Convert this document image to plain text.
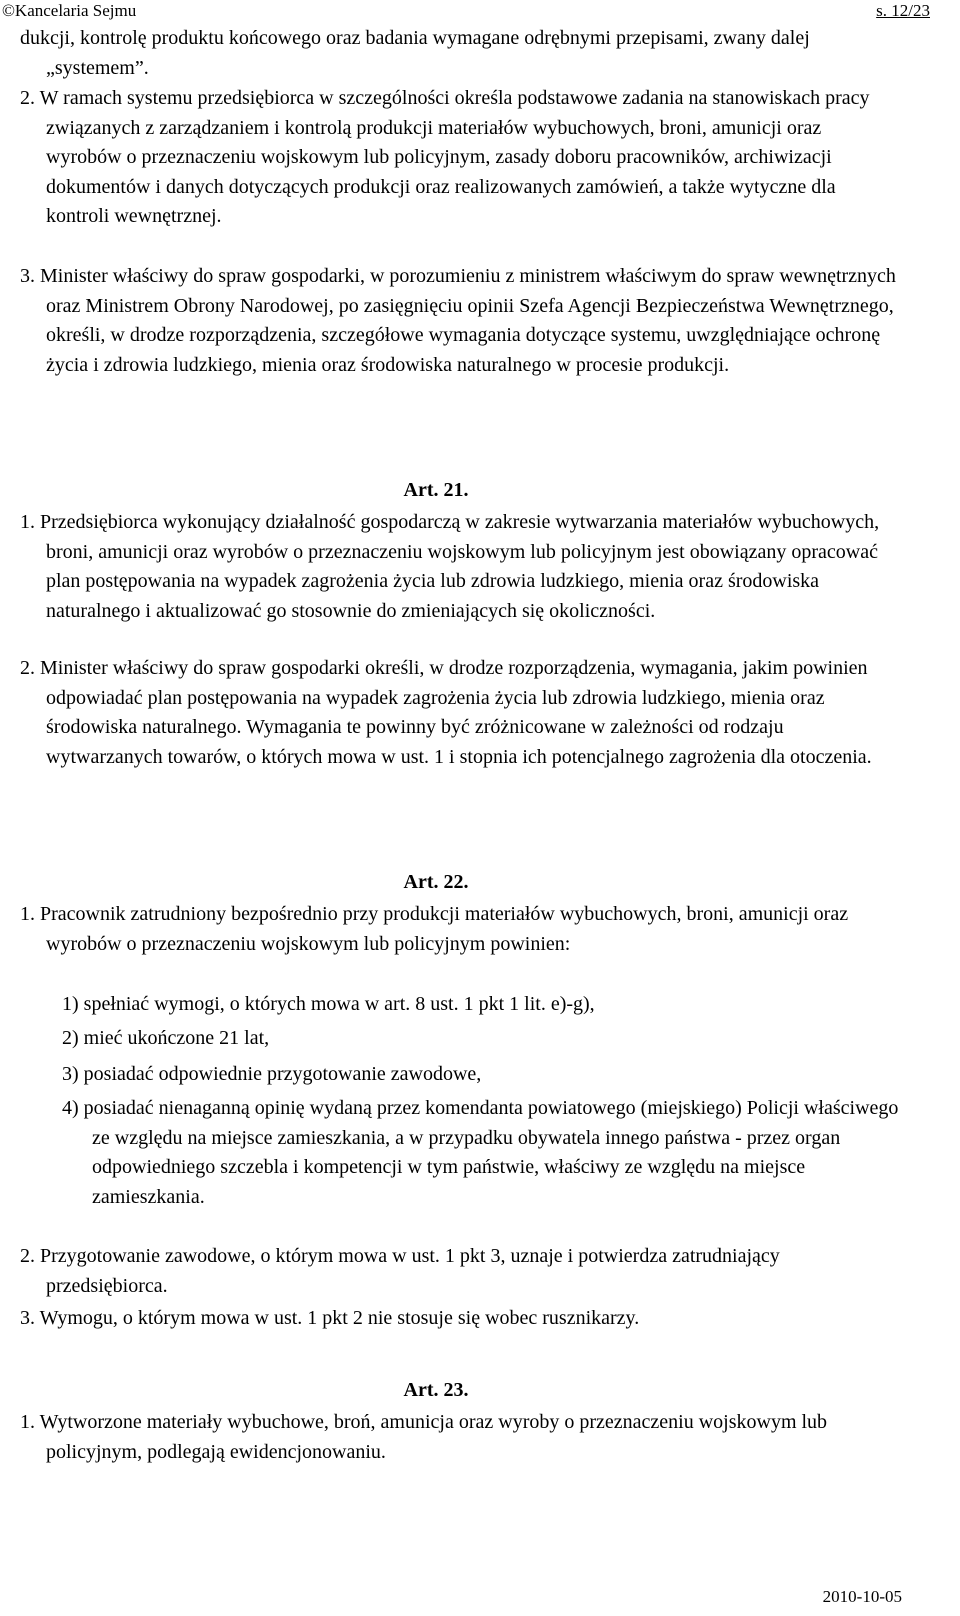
©Kancelaria Sejmu	s. 12/23
dukcji, kontrolę produktu końcowego oraz badania wymagane odrębnymi przepisami, zwany dalej „systemem”.
2. W ramach systemu przedsiębiorca w szczególności określa podstawowe zadania na stanowiskach pracy związanych z zarządzaniem i kontrolą produkcji materiałów wybuchowych, broni, amunicji oraz wyrobów o przeznaczeniu wojskowym lub policyjnym, zasady doboru pracowników, archiwizacji dokumentów i danych dotyczących produkcji oraz realizowanych zamówień, a także wytyczne dla kontroli wewnętrznej.
3. Minister właściwy do spraw gospodarki, w porozumieniu z ministrem właściwym do spraw wewnętrznych oraz Ministrem Obrony Narodowej, po zasięgnięciu opinii Szefa Agencji Bezpieczeństwa Wewnętrznego, określi, w drodze rozporządzenia, szczegółowe wymagania dotyczące systemu, uwzględniające ochronę życia i zdrowia ludzkiego, mienia oraz środowiska naturalnego w procesie produkcji.
Art. 21.
1. Przedsiębiorca wykonujący działalność gospodarczą w zakresie wytwarzania materiałów wybuchowych, broni, amunicji oraz wyrobów o przeznaczeniu wojskowym lub policyjnym jest obowiązany opracować plan postępowania na wypadek zagrożenia życia lub zdrowia ludzkiego, mienia oraz środowiska naturalnego i aktualizować go stosownie do zmieniających się okoliczności.
2. Minister właściwy do spraw gospodarki określi, w drodze rozporządzenia, wymagania, jakim powinien odpowiadać plan postępowania na wypadek zagrożenia życia lub zdrowia ludzkiego, mienia oraz środowiska naturalnego. Wymagania te powinny być zróżnicowane w zależności od rodzaju wytwarzanych towarów, o których mowa w ust. 1 i stopnia ich potencjalnego zagrożenia dla otoczenia.
Art. 22.
1. Pracownik zatrudniony bezpośrednio przy produkcji materiałów wybuchowych, broni, amunicji oraz wyrobów o przeznaczeniu wojskowym lub policyjnym powinien:
1) spełniać wymogi, o których mowa w art. 8 ust. 1 pkt 1 lit. e)-g),
2) mieć ukończone 21 lat,
3) posiadać odpowiednie przygotowanie zawodowe,
4) posiadać nienaganną opinię wydaną przez komendanta powiatowego (miejskiego) Policji właściwego ze względu na miejsce zamieszkania, a w przypadku obywatela innego państwa - przez organ odpowiedniego szczebla i kompetencji w tym państwie, właściwy ze względu na miejsce zamieszkania.
2. Przygotowanie zawodowe, o którym mowa w ust. 1 pkt 3, uznaje i potwierdza zatrudniający przedsiębiorca.
3. Wymogu, o którym mowa w ust. 1 pkt 2 nie stosuje się wobec rusznikarzy.
Art. 23.
1. Wytworzone materiały wybuchowe, broń, amunicja oraz wyroby o przeznaczeniu wojskowym lub policyjnym, podlegają ewidencjonowaniu.
2010-10-05
